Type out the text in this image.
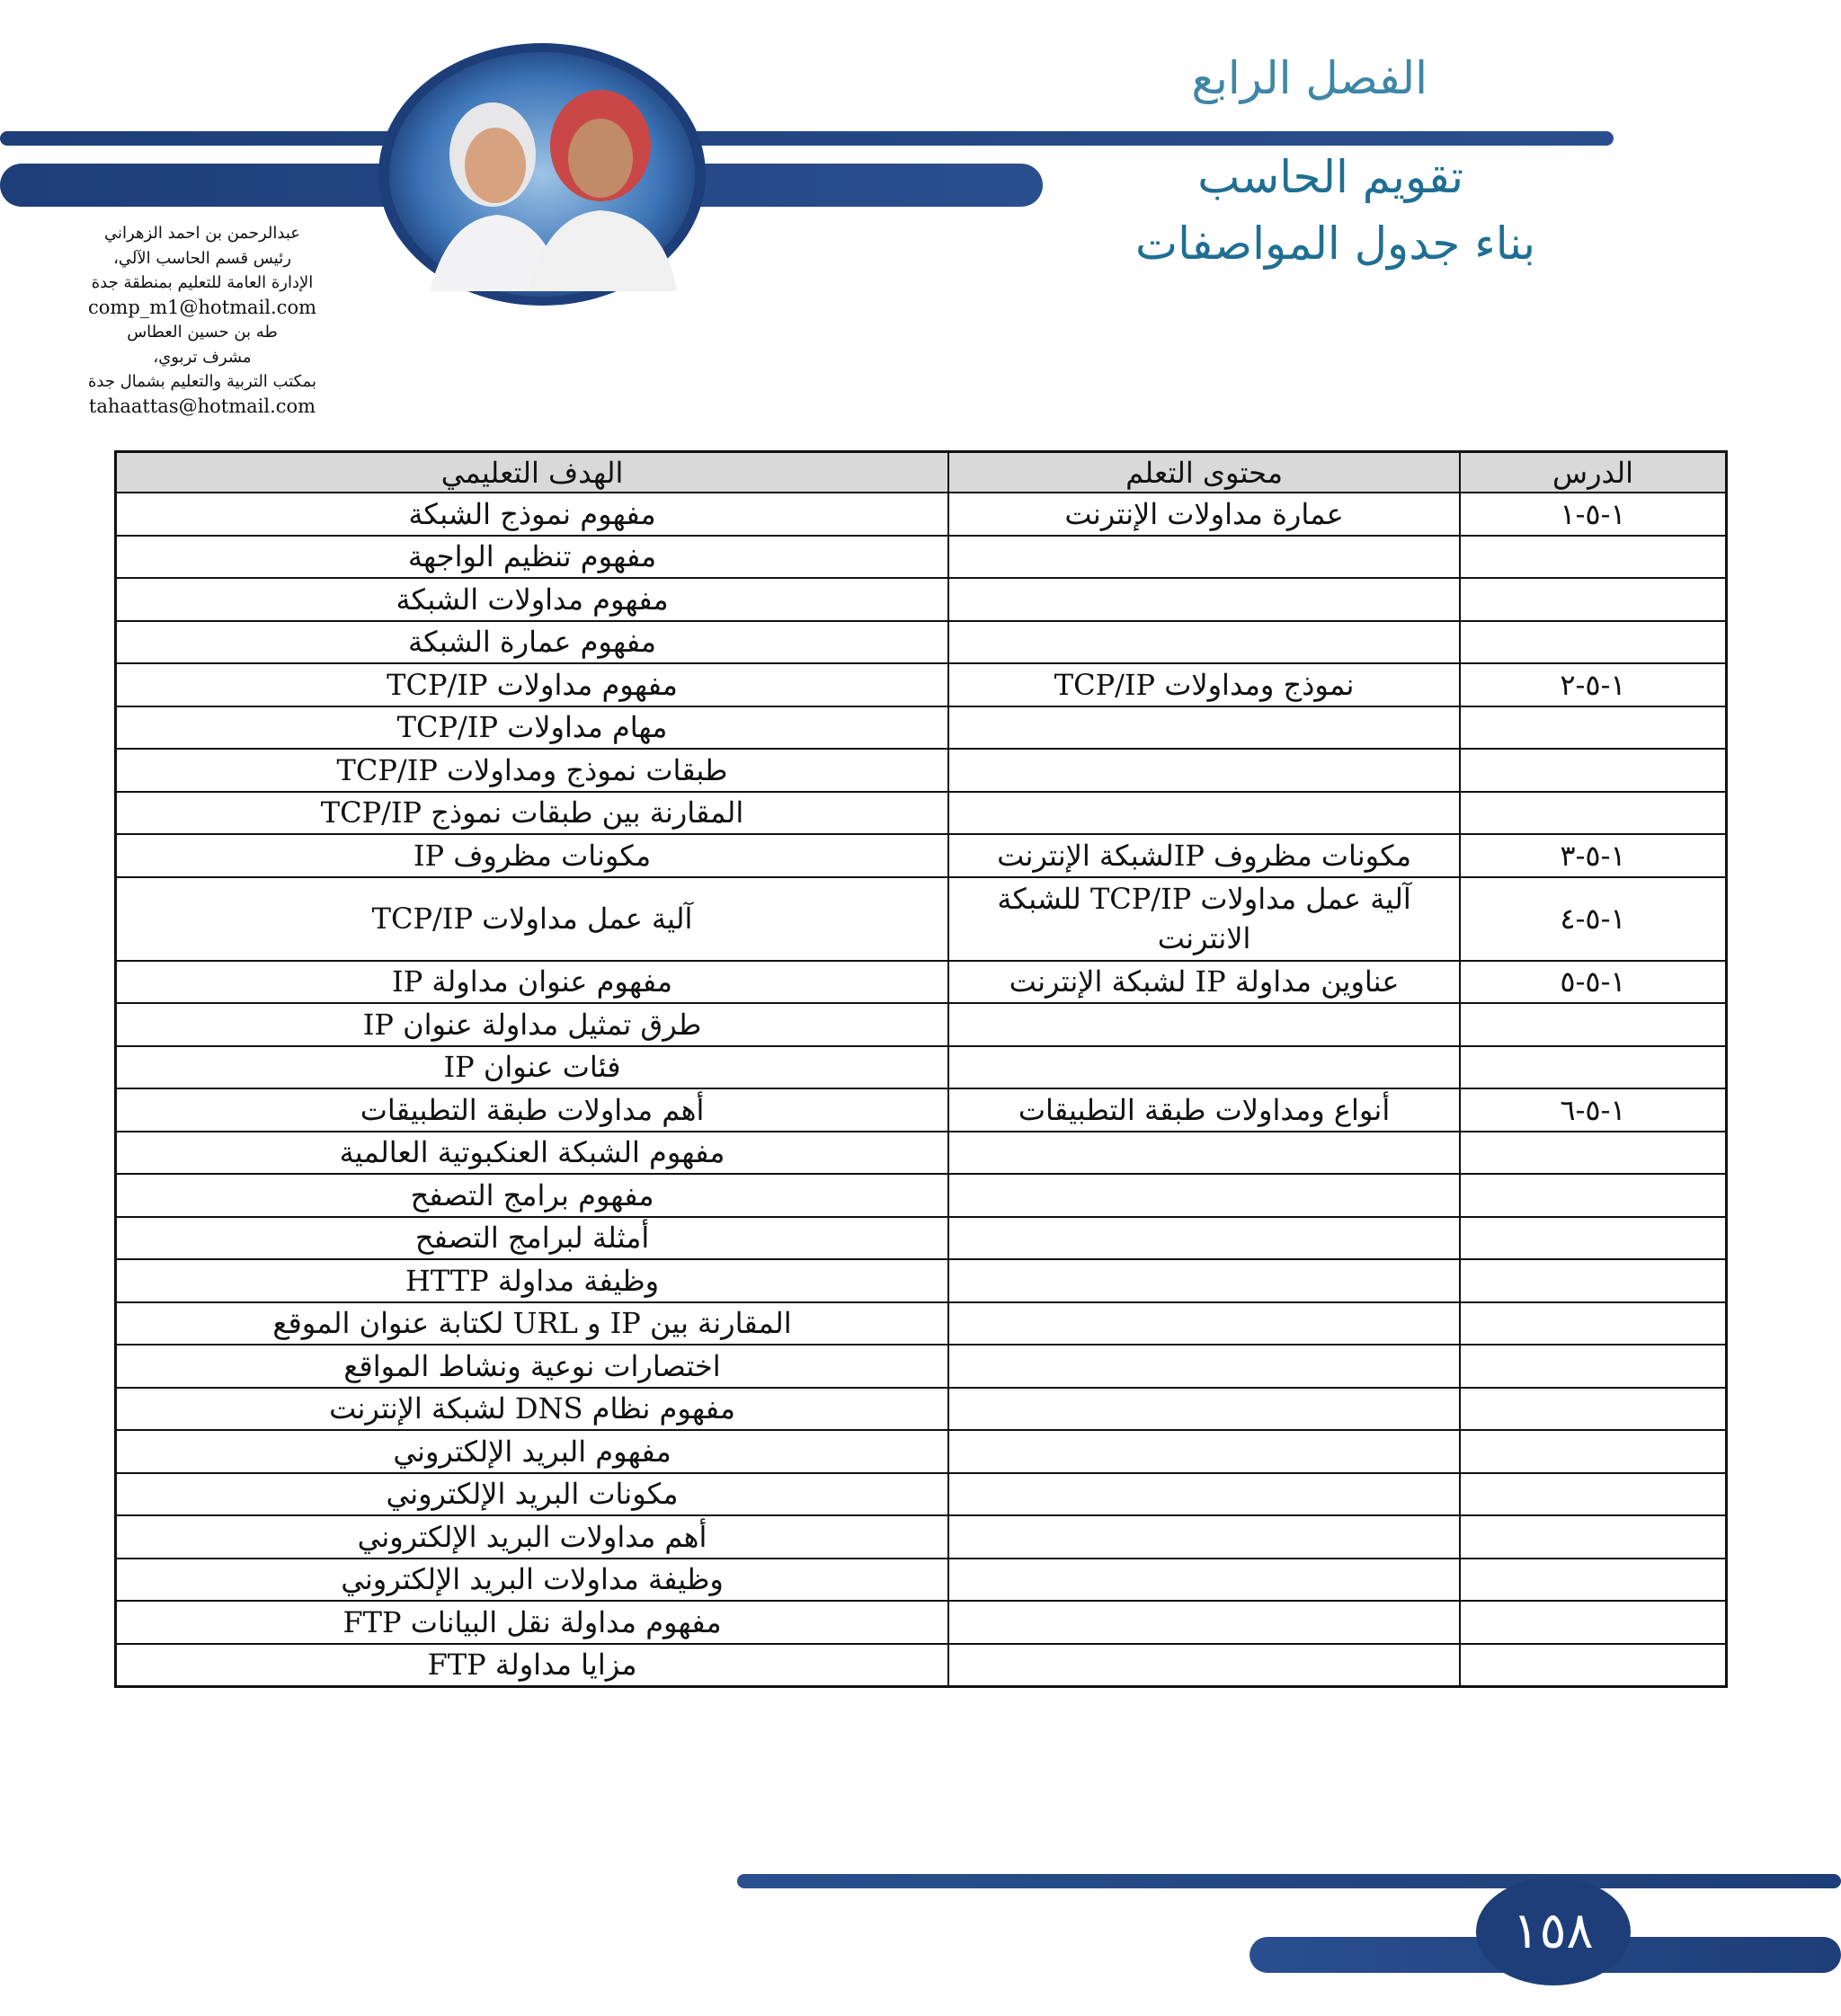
الفصل الرابع
تقويم الحاسب
بناء جدول المواصفات
عبدالرحمن بن احمد الزهراني
رئيس قسم الحاسب الآلي،
الإدارة العامة للتعليم بمنطقة جدة
comp_m1@hotmail.com
طه بن حسين العطاس
مشرف تربوي،
بمكتب التربية والتعليم بشمال جدة
tahaattas@hotmail.com
الدرس	محتوى التعلم	الهدف التعليمي
١-٥-١	عمارة مداولات الإنترنت	مفهوم نموذج الشبكة
		مفهوم تنظيم الواجهة
		مفهوم مداولات الشبكة
		مفهوم عمارة الشبكة
١-٥-٢	نموذج ومداولات TCP/IP	مفهوم مداولات TCP/IP
		مهام مداولات TCP/IP
		طبقات نموذج ومداولات TCP/IP
		المقارنة بين طبقات نموذج TCP/IP
١-٥-٣	مكونات مظروف IPلشبكة الإنترنت	مكونات مظروف IP
١-٥-٤	آلية عمل مداولات TCP/IP للشبكة الانترنت	آلية عمل مداولات TCP/IP
١-٥-٥	عناوين مداولة IP لشبكة الإنترنت	مفهوم عنوان مداولة IP
		طرق تمثيل مداولة عنوان IP
		فئات عنوان IP
١-٥-٦	أنواع ومداولات طبقة التطبيقات	أهم مداولات طبقة التطبيقات
		مفهوم الشبكة العنكبوتية العالمية
		مفهوم برامج التصفح
		أمثلة لبرامج التصفح
		وظيفة مداولة HTTP
		المقارنة بين IP و URL لكتابة عنوان الموقع
		اختصارات نوعية ونشاط المواقع
		مفهوم نظام DNS لشبكة الإنترنت
		مفهوم البريد الإلكتروني
		مكونات البريد الإلكتروني
		أهم مداولات البريد الإلكتروني
		وظيفة مداولات البريد الإلكتروني
		مفهوم مداولة نقل البيانات FTP
		مزايا مداولة FTP
١٥٨
